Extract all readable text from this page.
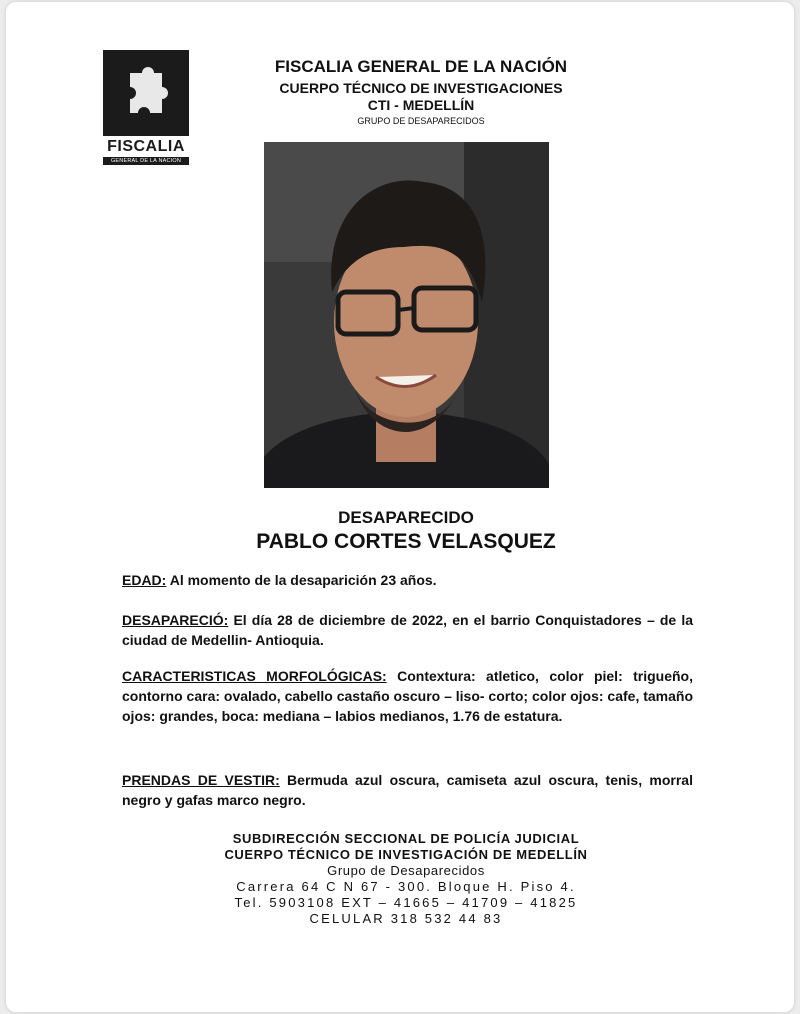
FISCALIA
GENERAL DE LA NACION
FISCALIA GENERAL DE LA NACIÓN
CUERPO TÉCNICO DE INVESTIGACIONES
CTI - MEDELLÍN
GRUPO DE DESAPARECIDOS
DESAPARECIDO
PABLO CORTES VELASQUEZ
EDAD: Al momento de la desaparición 23 años.
DESAPARECIÓ: El día 28 de diciembre de 2022, en el barrio Conquistadores – de la ciudad de Medellin- Antioquia.
CARACTERISTICAS MORFOLÓGICAS: Contextura: atletico, color piel: trigueño, contorno cara: ovalado, cabello castaño oscuro – liso- corto; color ojos: cafe, tamaño ojos: grandes, boca: mediana – labios medianos, 1.76 de estatura.
PRENDAS DE VESTIR: Bermuda azul oscura, camiseta azul oscura, tenis, morral negro y gafas marco negro.
SUBDIRECCIÓN SECCIONAL DE POLICÍA JUDICIAL
CUERPO TÉCNICO DE INVESTIGACIÓN DE MEDELLÍN
Grupo de Desaparecidos
Carrera 64 C N 67 - 300. Bloque H. Piso 4.
Tel. 5903108 EXT – 41665 – 41709 – 41825
CELULAR 318 532 44 83
